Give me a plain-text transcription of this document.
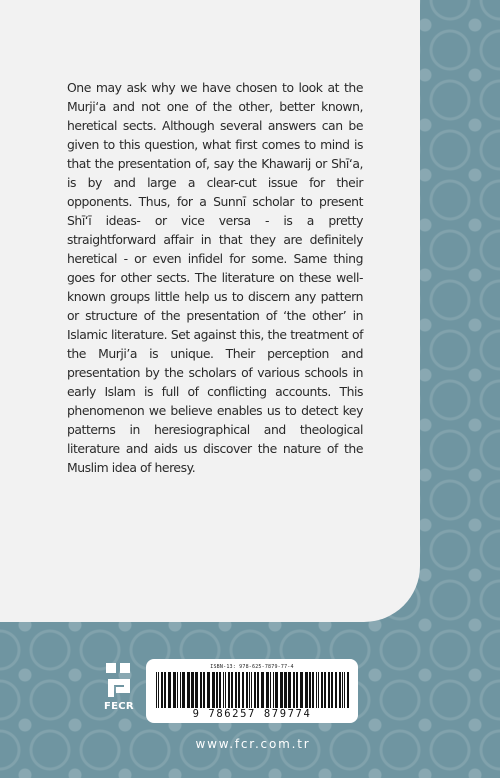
One may ask why we have chosen to look at the Murji‘a and not one of the other, better known, heretical sects. Although several answers can be given to this question, what first comes to mind is that the presentation of, say the Khawarij or Shī‘a, is by and large a clear-cut issue for their opponents. Thus, for a Sunnī scholar to present Shī‘ī ideas- or vice versa - is a pretty straightforward affair in that they are definitely heretical - or even infidel for some. Same thing goes for other sects. The literature on these well-known groups little help us to discern any pattern or structure of the presentation of ‘the other’ in Islamic literature. Set against this, the treatment of the Murji’a is unique. Their perception and presentation by the scholars of various schools in early Islam is full of conflicting accounts. This phenomenon we believe enables us to detect key patterns in heresiographical and theological literature and aids us discover the nature of the Muslim idea of heresy.

FECR
ISBN-13: 978-625-7879-77-4
9 786257 879774
www.fcr.com.tr
